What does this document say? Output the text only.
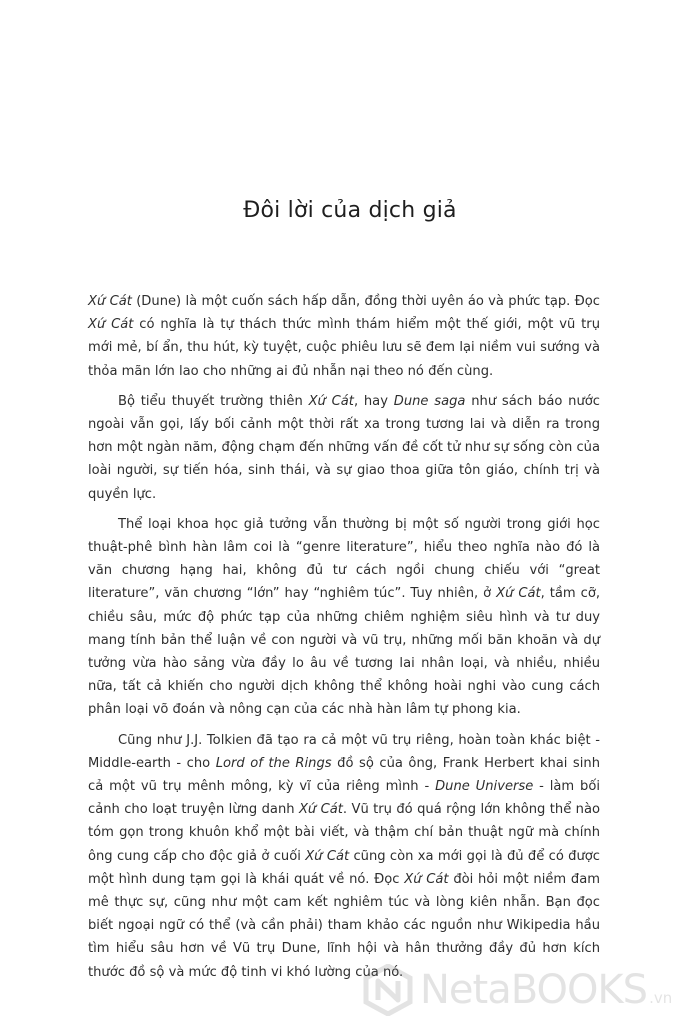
Đôi lời của dịch giả

Xứ Cát (Dune) là một cuốn sách hấp dẫn, đồng thời uyên áo và phức tạp. Đọc Xứ Cát có nghĩa là tự thách thức mình thám hiểm một thế giới, một vũ trụ mới mẻ, bí ẩn, thu hút, kỳ tuyệt, cuộc phiêu lưu sẽ đem lại niềm vui sướng và thỏa mãn lớn lao cho những ai đủ nhẫn nại theo nó đến cùng.

Bộ tiểu thuyết trường thiên Xứ Cát, hay Dune saga như sách báo nước ngoài vẫn gọi, lấy bối cảnh một thời rất xa trong tương lai và diễn ra trong hơn một ngàn năm, động chạm đến những vấn đề cốt tử như sự sống còn của loài người, sự tiến hóa, sinh thái, và sự giao thoa giữa tôn giáo, chính trị và quyền lực.

Thể loại khoa học giả tưởng vẫn thường bị một số người trong giới học thuật-phê bình hàn lâm coi là “genre literature”, hiểu theo nghĩa nào đó là văn chương hạng hai, không đủ tư cách ngồi chung chiếu với “great literature”, văn chương “lớn” hay “nghiêm túc”. Tuy nhiên, ở Xứ Cát, tầm cỡ, chiều sâu, mức độ phức tạp của những chiêm nghiệm siêu hình và tư duy mang tính bản thể luận về con người và vũ trụ, những mối băn khoăn và dự tưởng vừa hào sảng vừa đầy lo âu về tương lai nhân loại, và nhiều, nhiều nữa, tất cả khiến cho người dịch không thể không hoài nghi vào cung cách phân loại võ đoán và nông cạn của các nhà hàn lâm tự phong kia.

Cũng như J.J. Tolkien đã tạo ra cả một vũ trụ riêng, hoàn toàn khác biệt - Middle-earth - cho Lord of the Rings đồ sộ của ông, Frank Herbert khai sinh cả một vũ trụ mênh mông, kỳ vĩ của riêng mình - Dune Universe - làm bối cảnh cho loạt truyện lừng danh Xứ Cát. Vũ trụ đó quá rộng lớn không thể nào tóm gọn trong khuôn khổ một bài viết, và thậm chí bản thuật ngữ mà chính ông cung cấp cho độc giả ở cuối Xứ Cát cũng còn xa mới gọi là đủ để có được một hình dung tạm gọi là khái quát về nó. Đọc Xứ Cát đòi hỏi một niềm đam mê thực sự, cũng như một cam kết nghiêm túc và lòng kiên nhẫn. Bạn đọc biết ngoại ngữ có thể (và cần phải) tham khảo các nguồn như Wikipedia hầu tìm hiểu sâu hơn về Vũ trụ Dune, lĩnh hội và hân thưởng đầy đủ hơn kích thước đồ sộ và mức độ tinh vi khó lường của nó. NetaBOOKS .vn
